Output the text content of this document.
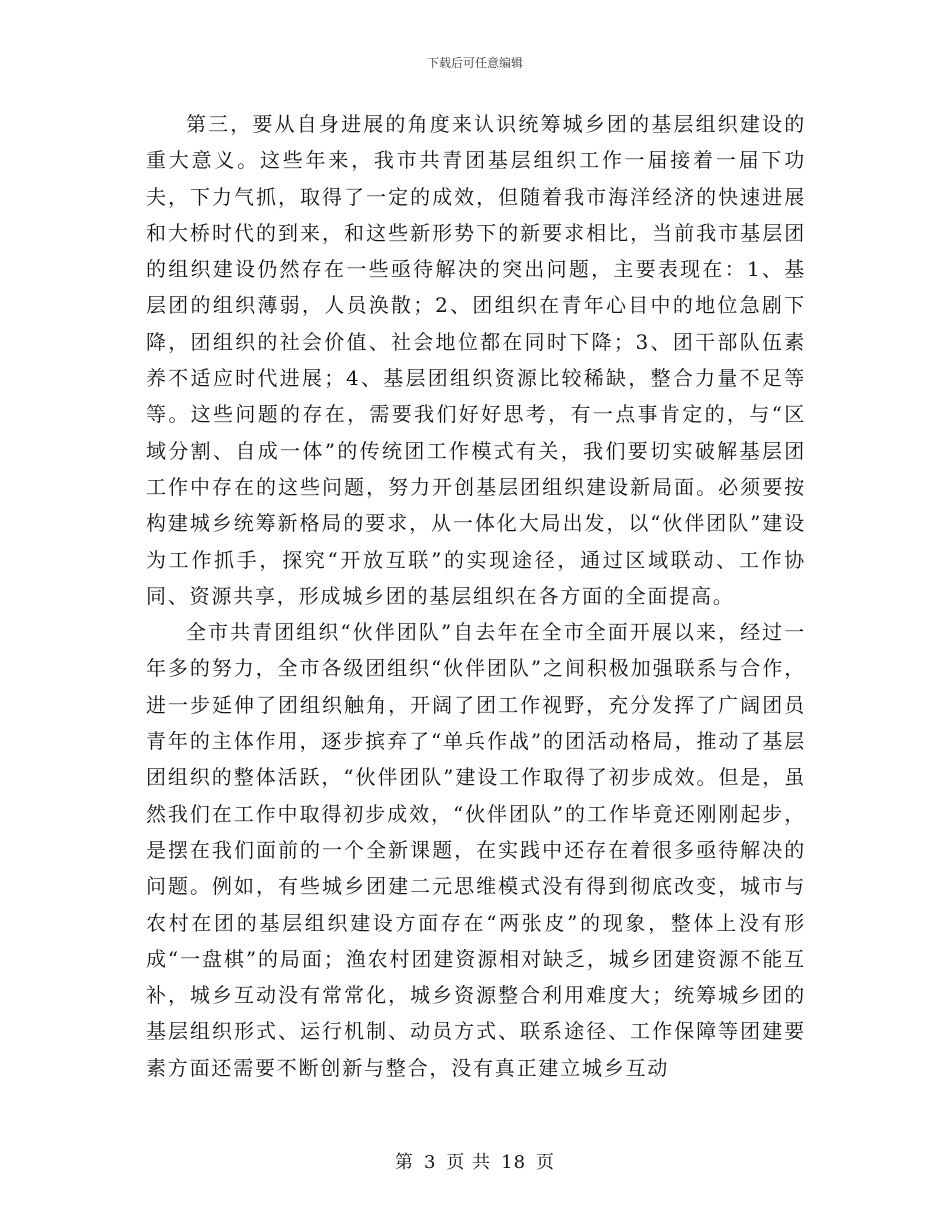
下载后可任意编辑

第三，要从自身进展的角度来认识统筹城乡团的基层组织建设的重大意义。这些年来，我市共青团基层组织工作一届接着一届下功夫，下力气抓，取得了一定的成效，但随着我市海洋经济的快速进展和大桥时代的到来，和这些新形势下的新要求相比，当前我市基层团的组织建设仍然存在一些亟待解决的突出问题，主要表现在：1、基层团的组织薄弱，人员涣散；2、团组织在青年心目中的地位急剧下降，团组织的社会价值、社会地位都在同时下降；3、团干部队伍素养不适应时代进展；4、基层团组织资源比较稀缺，整合力量不足等等。这些问题的存在，需要我们好好思考，有一点事肯定的，与“区域分割、自成一体”的传统团工作模式有关，我们要切实破解基层团工作中存在的这些问题，努力开创基层团组织建设新局面。必须要按构建城乡统筹新格局的要求，从一体化大局出发，以“伙伴团队”建设为工作抓手，探究“开放互联”的实现途径，通过区域联动、工作协同、资源共享，形成城乡团的基层组织在各方面的全面提高。

全市共青团组织“伙伴团队”自去年在全市全面开展以来，经过一年多的努力，全市各级团组织“伙伴团队”之间积极加强联系与合作，进一步延伸了团组织触角，开阔了团工作视野，充分发挥了广阔团员青年的主体作用，逐步摈弃了“单兵作战”的团活动格局，推动了基层团组织的整体活跃，“伙伴团队”建设工作取得了初步成效。但是，虽然我们在工作中取得初步成效，“伙伴团队”的工作毕竟还刚刚起步，是摆在我们面前的一个全新课题，在实践中还存在着很多亟待解决的问题。例如，有些城乡团建二元思维模式没有得到彻底改变，城市与农村在团的基层组织建设方面存在“两张皮”的现象，整体上没有形成“一盘棋”的局面；渔农村团建资源相对缺乏，城乡团建资源不能互补，城乡互动没有常常化，城乡资源整合利用难度大；统筹城乡团的基层组织形式、运行机制、动员方式、联系途径、工作保障等团建要素方面还需要不断创新与整合，没有真正建立城乡互动

第 3 页 共 18 页
